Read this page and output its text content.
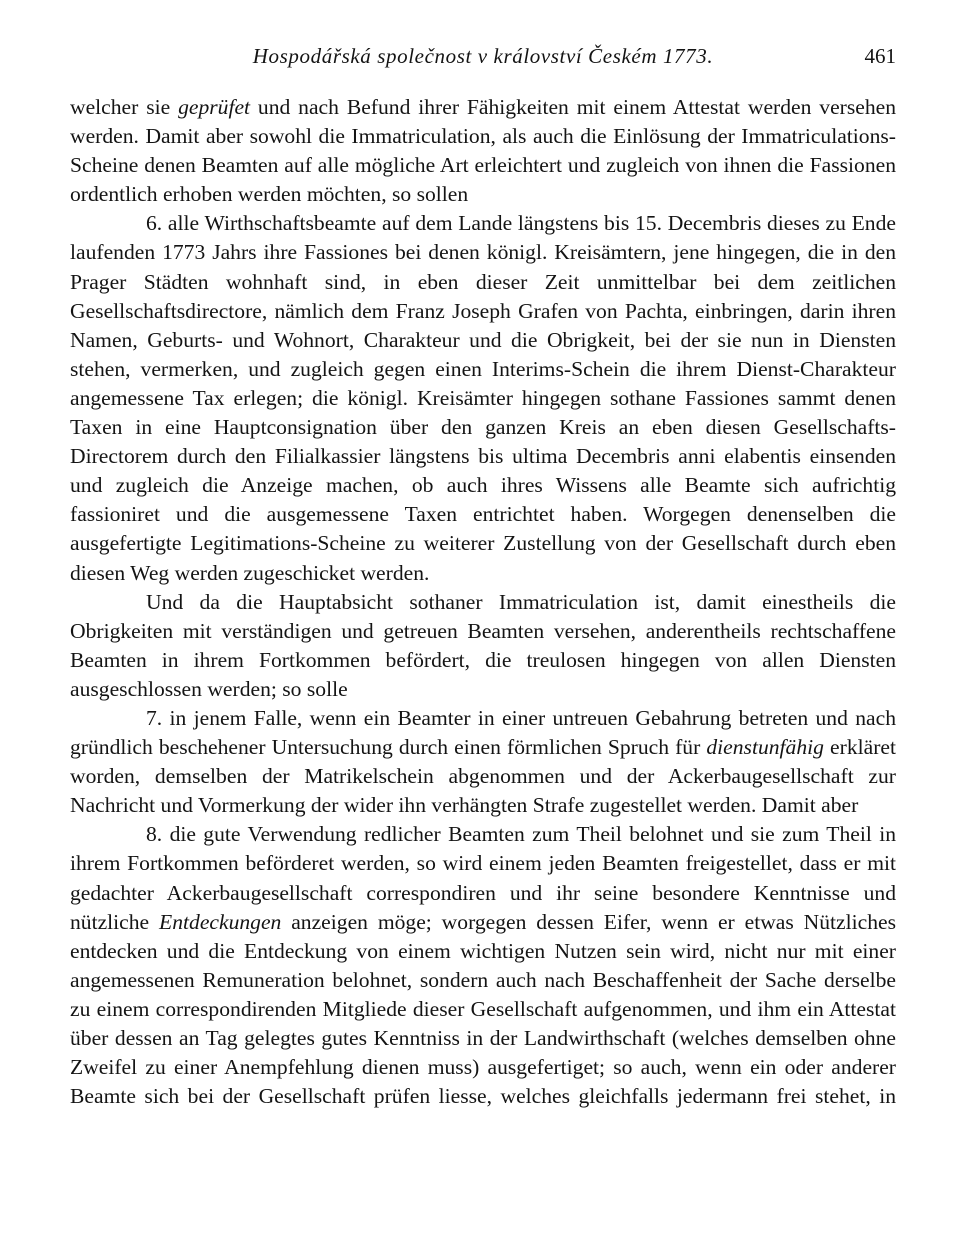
Hospodářská společnost v království Českém 1773.	461

welcher sie geprüfet und nach Befund ihrer Fähigkeiten mit einem Attestat werden versehen werden. Damit aber sowohl die Immatriculation, als auch die Einlösung der Immatriculations-Scheine denen Beamten auf alle mögliche Art erleichtert und zugleich von ihnen die Fassionen ordentlich erhoben werden möchten, so sollen

6. alle Wirthschaftsbeamte auf dem Lande längstens bis 15. Decembris dieses zu Ende laufenden 1773 Jahrs ihre Fassiones bei denen königl. Kreisämtern, jene hingegen, die in den Prager Städten wohnhaft sind, in eben dieser Zeit unmittelbar bei dem zeitlichen Gesellschaftsdirectore, nämlich dem Franz Joseph Grafen von Pachta, einbringen, darin ihren Namen, Geburts- und Wohnort, Charakteur und die Obrigkeit, bei der sie nun in Diensten stehen, vermerken, und zugleich gegen einen Interims-Schein die ihrem Dienst-Charakteur angemessene Tax erlegen; die königl. Kreisämter hingegen sothane Fassiones sammt denen Taxen in eine Hauptconsignation über den ganzen Kreis an eben diesen Gesellschafts-Directorem durch den Filialkassier längstens bis ultima Decembris anni elabentis einsenden und zugleich die Anzeige machen, ob auch ihres Wissens alle Beamte sich aufrichtig fassioniret und die ausgemessene Taxen entrichtet haben. Worgegen denenselben die ausgefertigte Legitimations-Scheine zu weiterer Zustellung von der Gesellschaft durch eben diesen Weg werden zugeschicket werden.

Und da die Hauptabsicht sothaner Immatriculation ist, damit einestheils die Obrigkeiten mit verständigen und getreuen Beamten versehen, anderentheils rechtschaffene Beamten in ihrem Fortkommen befördert, die treulosen hingegen von allen Diensten ausgeschlossen werden; so solle

7. in jenem Falle, wenn ein Beamter in einer untreuen Gebahrung betreten und nach gründlich beschehener Untersuchung durch einen förmlichen Spruch für dienstunfähig erkläret worden, demselben der Matrikelschein abgenommen und der Ackerbaugesellschaft zur Nachricht und Vormerkung der wider ihn verhängten Strafe zugestellet werden. Damit aber

8. die gute Verwendung redlicher Beamten zum Theil belohnet und sie zum Theil in ihrem Fortkommen beförderet werden, so wird einem jeden Beamten freigestellet, dass er mit gedachter Ackerbaugesellschaft correspondiren und ihr seine besondere Kenntnisse und nützliche Entdeckungen anzeigen möge; worgegen dessen Eifer, wenn er etwas Nützliches entdecken und die Entdeckung von einem wichtigen Nutzen sein wird, nicht nur mit einer angemessenen Remuneration belohnet, sondern auch nach Beschaffenheit der Sache derselbe zu einem correspondirenden Mitgliede dieser Gesellschaft aufgenommen, und ihm ein Attestat über dessen an Tag gelegtes gutes Kenntniss in der Landwirthschaft (welches demselben ohne Zweifel zu einer Anempfehlung dienen muss) ausgefertiget; so auch, wenn ein oder anderer Beamte sich bei der Gesellschaft prüfen liesse, welches gleichfalls jedermann frei stehet, in
